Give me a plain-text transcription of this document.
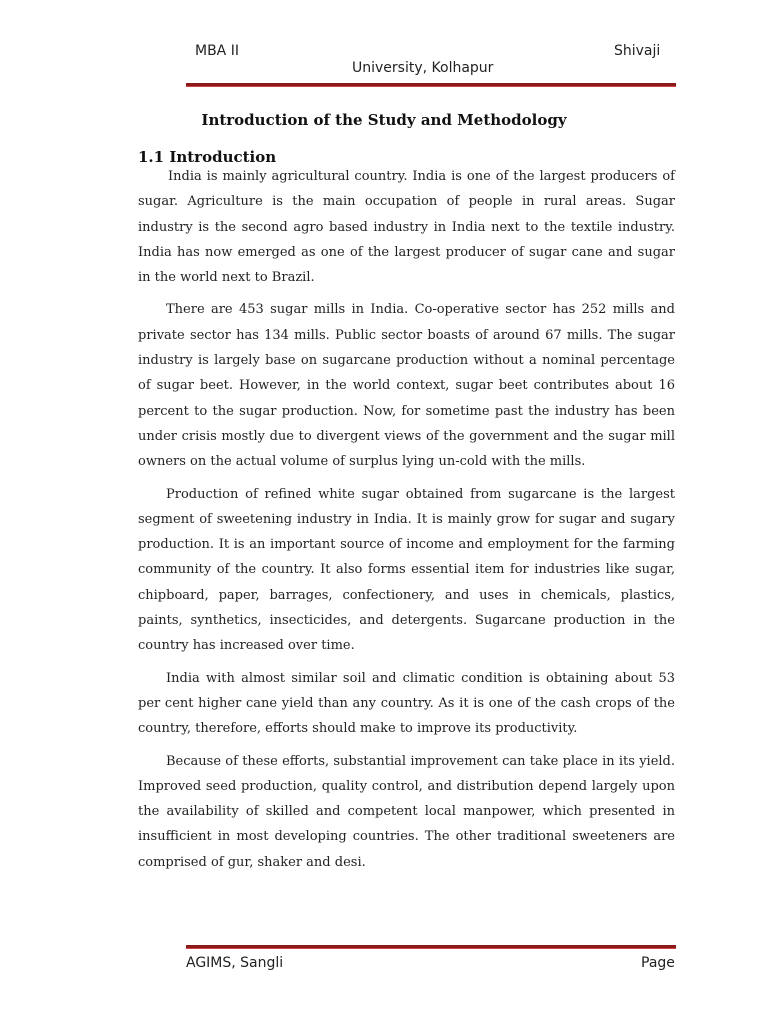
MBA II	Shivaji
University, Kolhapur
Introduction of the Study and Methodology
1.1 Introduction

India is mainly agricultural country. India is one of the largest producers of sugar. Agriculture is the main occupation of people in rural areas. Sugar industry is the second agro based industry in India next to the textile industry. India has now emerged as one of the largest producer of sugar cane and sugar in the world next to Brazil.

There are 453 sugar mills in India. Co-operative sector has 252 mills and private sector has 134 mills. Public sector boasts of around 67 mills. The sugar industry is largely base on sugarcane production without a nominal percentage of sugar beet. However, in the world context, sugar beet contributes about 16 percent to the sugar production. Now, for sometime past the industry has been under crisis mostly due to divergent views of the government and the sugar mill owners on the actual volume of surplus lying un-cold with the mills.

Production of refined white sugar obtained from sugarcane is the largest segment of sweetening industry in India. It is mainly grow for sugar and sugary production. It is an important source of income and employment for the farming community of the country. It also forms essential item for industries like sugar, chipboard, paper, barrages, confectionery, and uses in chemicals, plastics, paints, synthetics, insecticides, and detergents. Sugarcane production in the country has increased over time.

India with almost similar soil and climatic condition is obtaining about 53 per cent higher cane yield than any country. As it is one of the cash crops of the country, therefore, efforts should make to improve its productivity.

Because of these efforts, substantial improvement can take place in its yield. Improved seed production, quality control, and distribution depend largely upon the availability of skilled and competent local manpower, which presented in insufficient in most developing countries. The other traditional sweeteners are comprised of gur, shaker and desi.

AGIMS, Sangli	Page
